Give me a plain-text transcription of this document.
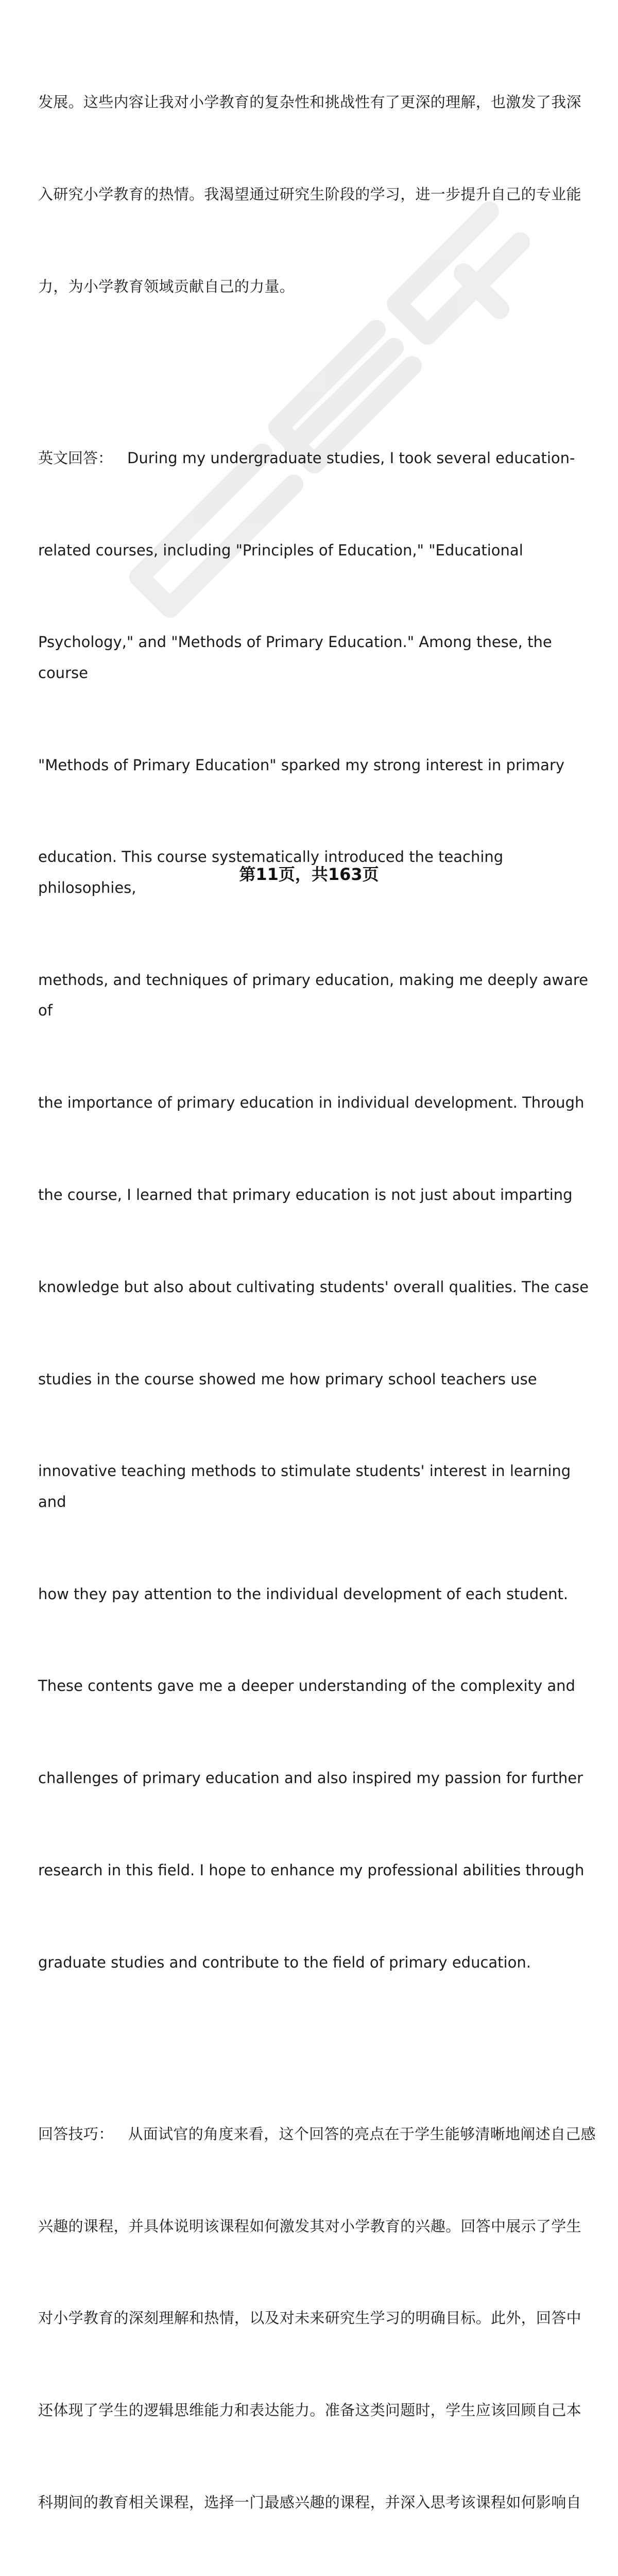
发展。这些内容让我对小学教育的复杂性和挑战性有了更深的理解，也激发了我深

入研究小学教育的热情。我渴望通过研究生阶段的学习，进一步提升自己的专业能

力，为小学教育领域贡献自己的力量。

英文回答： During my undergraduate studies, I took several education-

related courses, including "Principles of Education," "Educational

Psychology," and "Methods of Primary Education." Among these, the course

"Methods of Primary Education" sparked my strong interest in primary

education. This course systematically introduced the teaching philosophies,

methods, and techniques of primary education, making me deeply aware of

the importance of primary education in individual development. Through

the course, I learned that primary education is not just about imparting

knowledge but also about cultivating students' overall qualities. The case

studies in the course showed me how primary school teachers use

innovative teaching methods to stimulate students' interest in learning and

how they pay attention to the individual development of each student.

These contents gave me a deeper understanding of the complexity and

challenges of primary education and also inspired my passion for further

research in this field. I hope to enhance my professional abilities through

graduate studies and contribute to the field of primary education.

回答技巧： 从面试官的角度来看，这个回答的亮点在于学生能够清晰地阐述自己感

兴趣的课程，并具体说明该课程如何激发其对小学教育的兴趣。回答中展示了学生

对小学教育的深刻理解和热情，以及对未来研究生学习的明确目标。此外，回答中

还体现了学生的逻辑思维能力和表达能力。准备这类问题时，学生应该回顾自己本

科期间的教育相关课程，选择一门最感兴趣的课程，并深入思考该课程如何影响自

第11页，共163页
